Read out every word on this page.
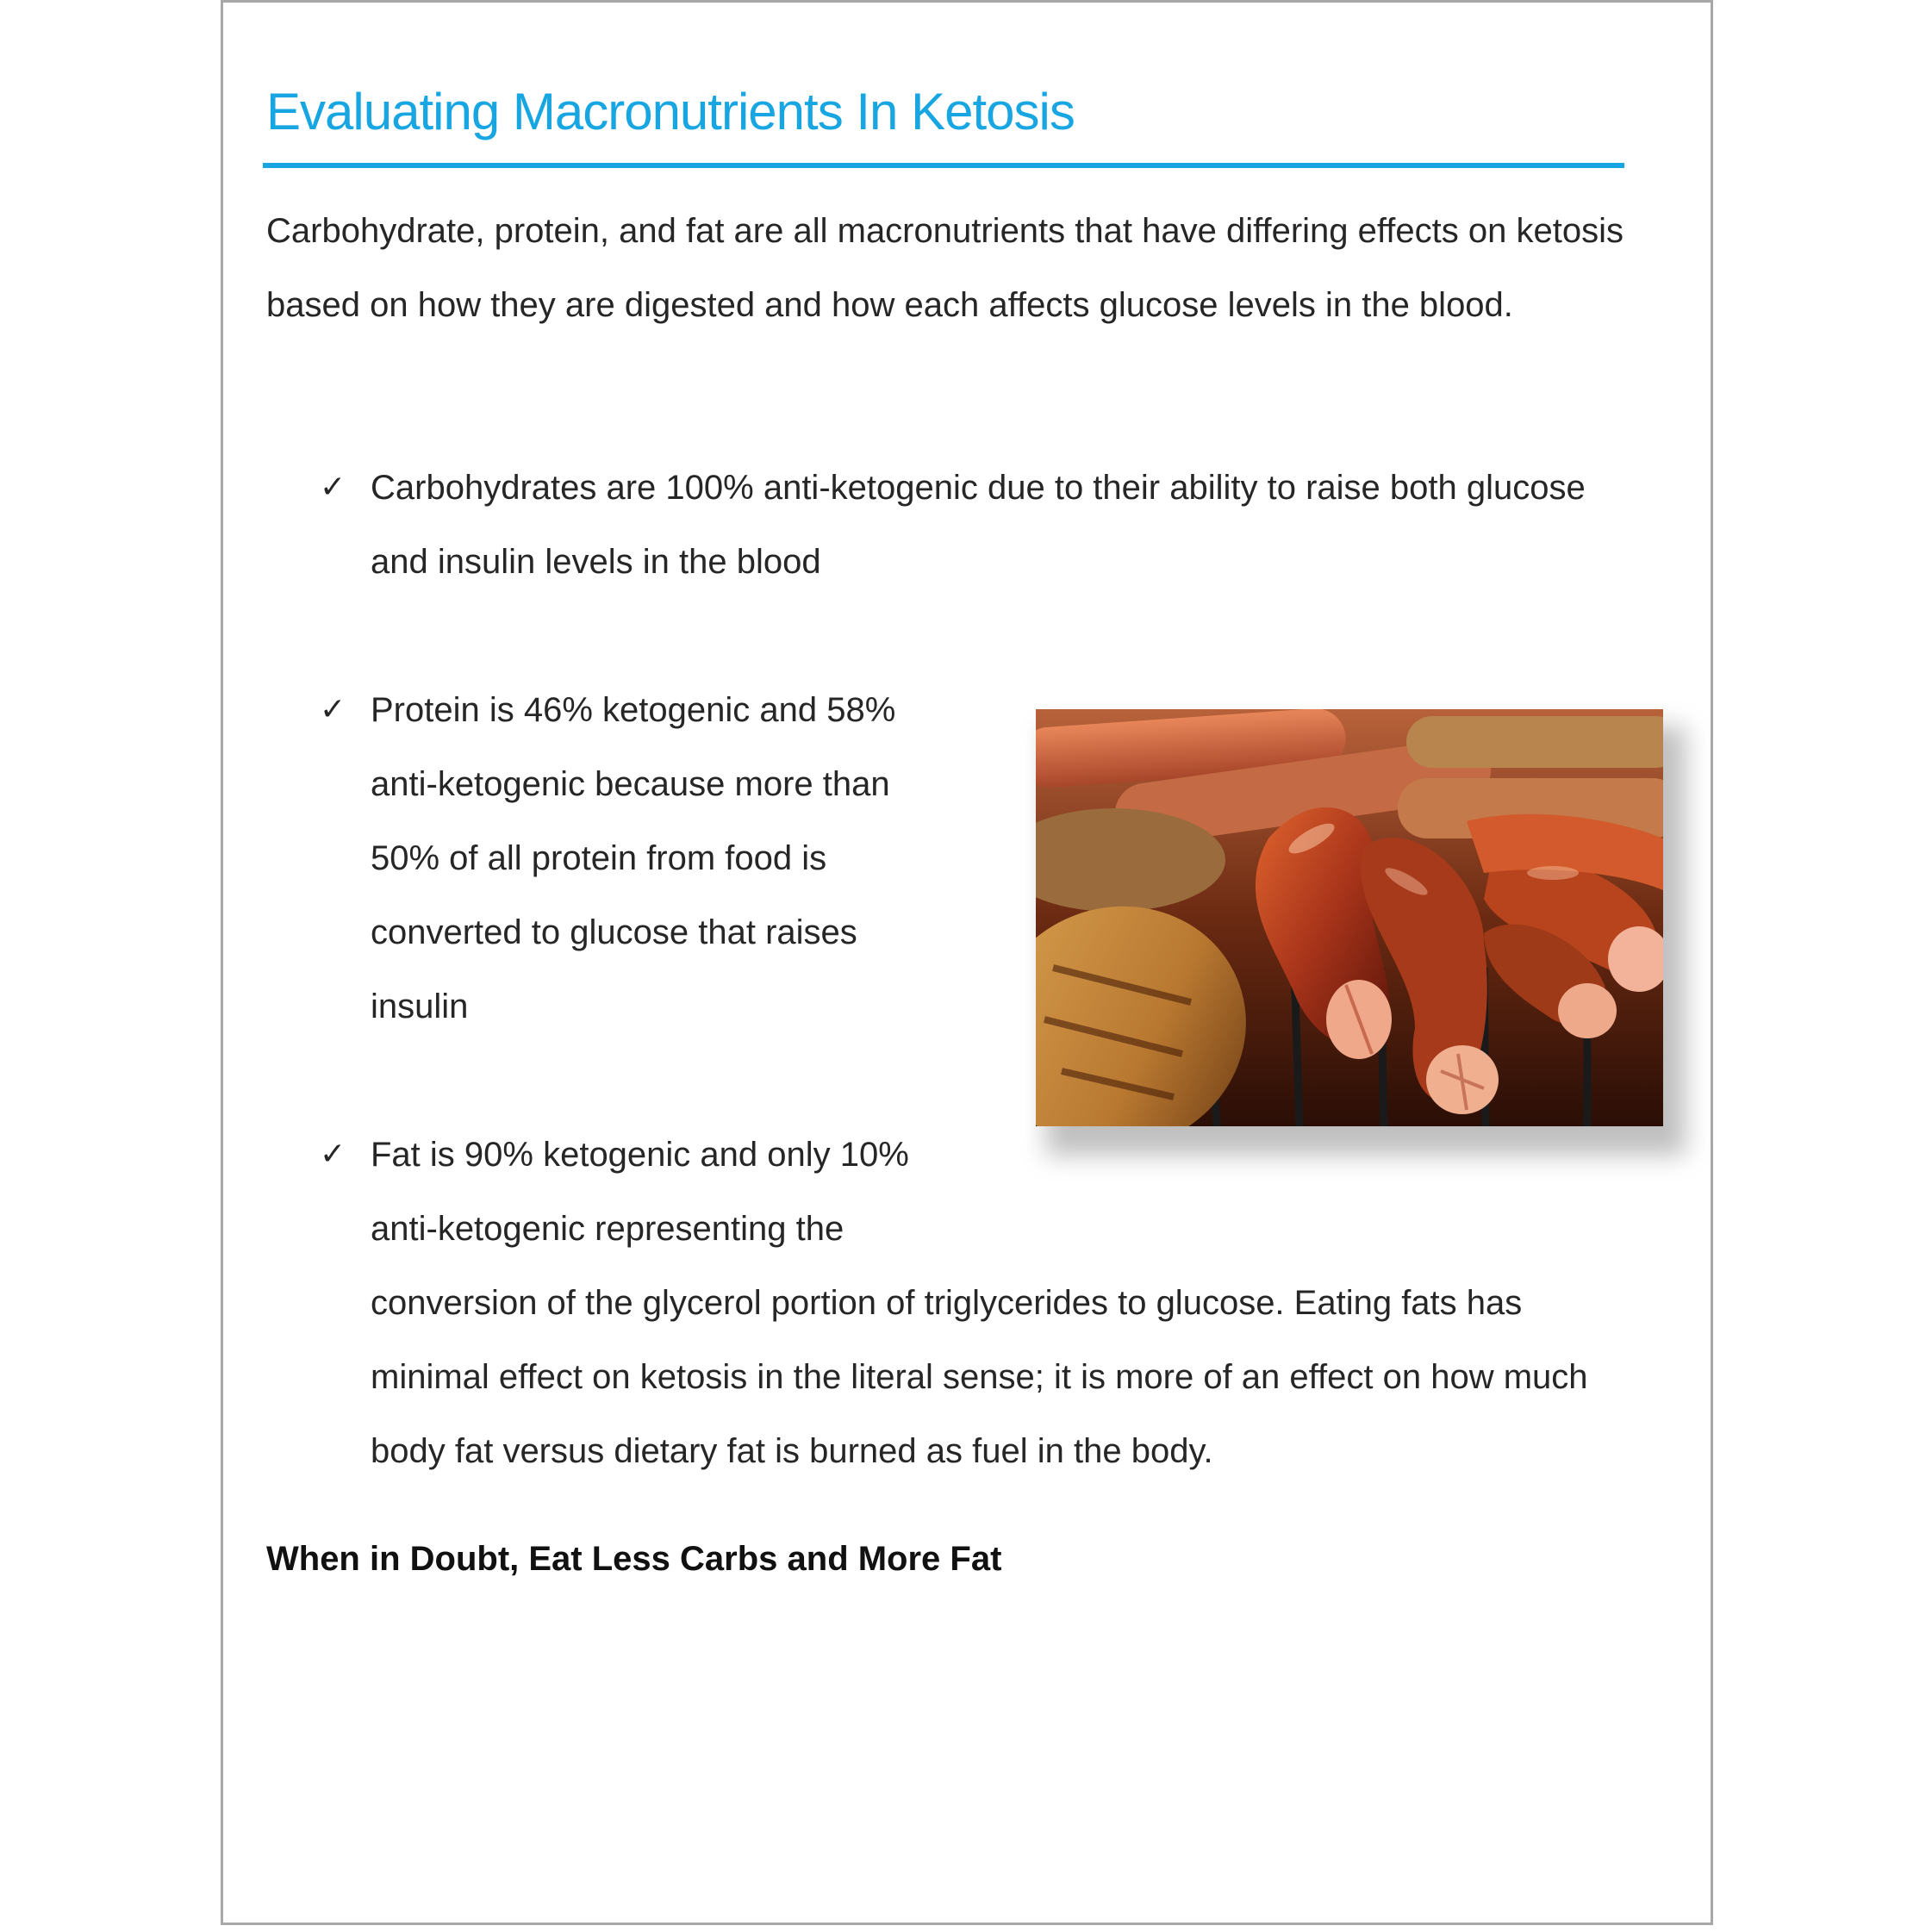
Evaluating Macronutrients In Ketosis

Carbohydrate, protein, and fat are all macronutrients that have differing effects on ketosis based on how they are digested and how each affects glucose levels in the blood.

✓ Carbohydrates are 100% anti-ketogenic due to their ability to raise both glucose and insulin levels in the blood

✓ Protein is 46% ketogenic and 58% anti-ketogenic because more than 50% of all protein from food is converted to glucose that raises insulin

✓ Fat is 90% ketogenic and only 10% anti-ketogenic representing the

conversion of the glycerol portion of triglycerides to glucose. Eating fats has minimal effect on ketosis in the literal sense; it is more of an effect on how much body fat versus dietary fat is burned as fuel in the body.

When in Doubt, Eat Less Carbs and More Fat
